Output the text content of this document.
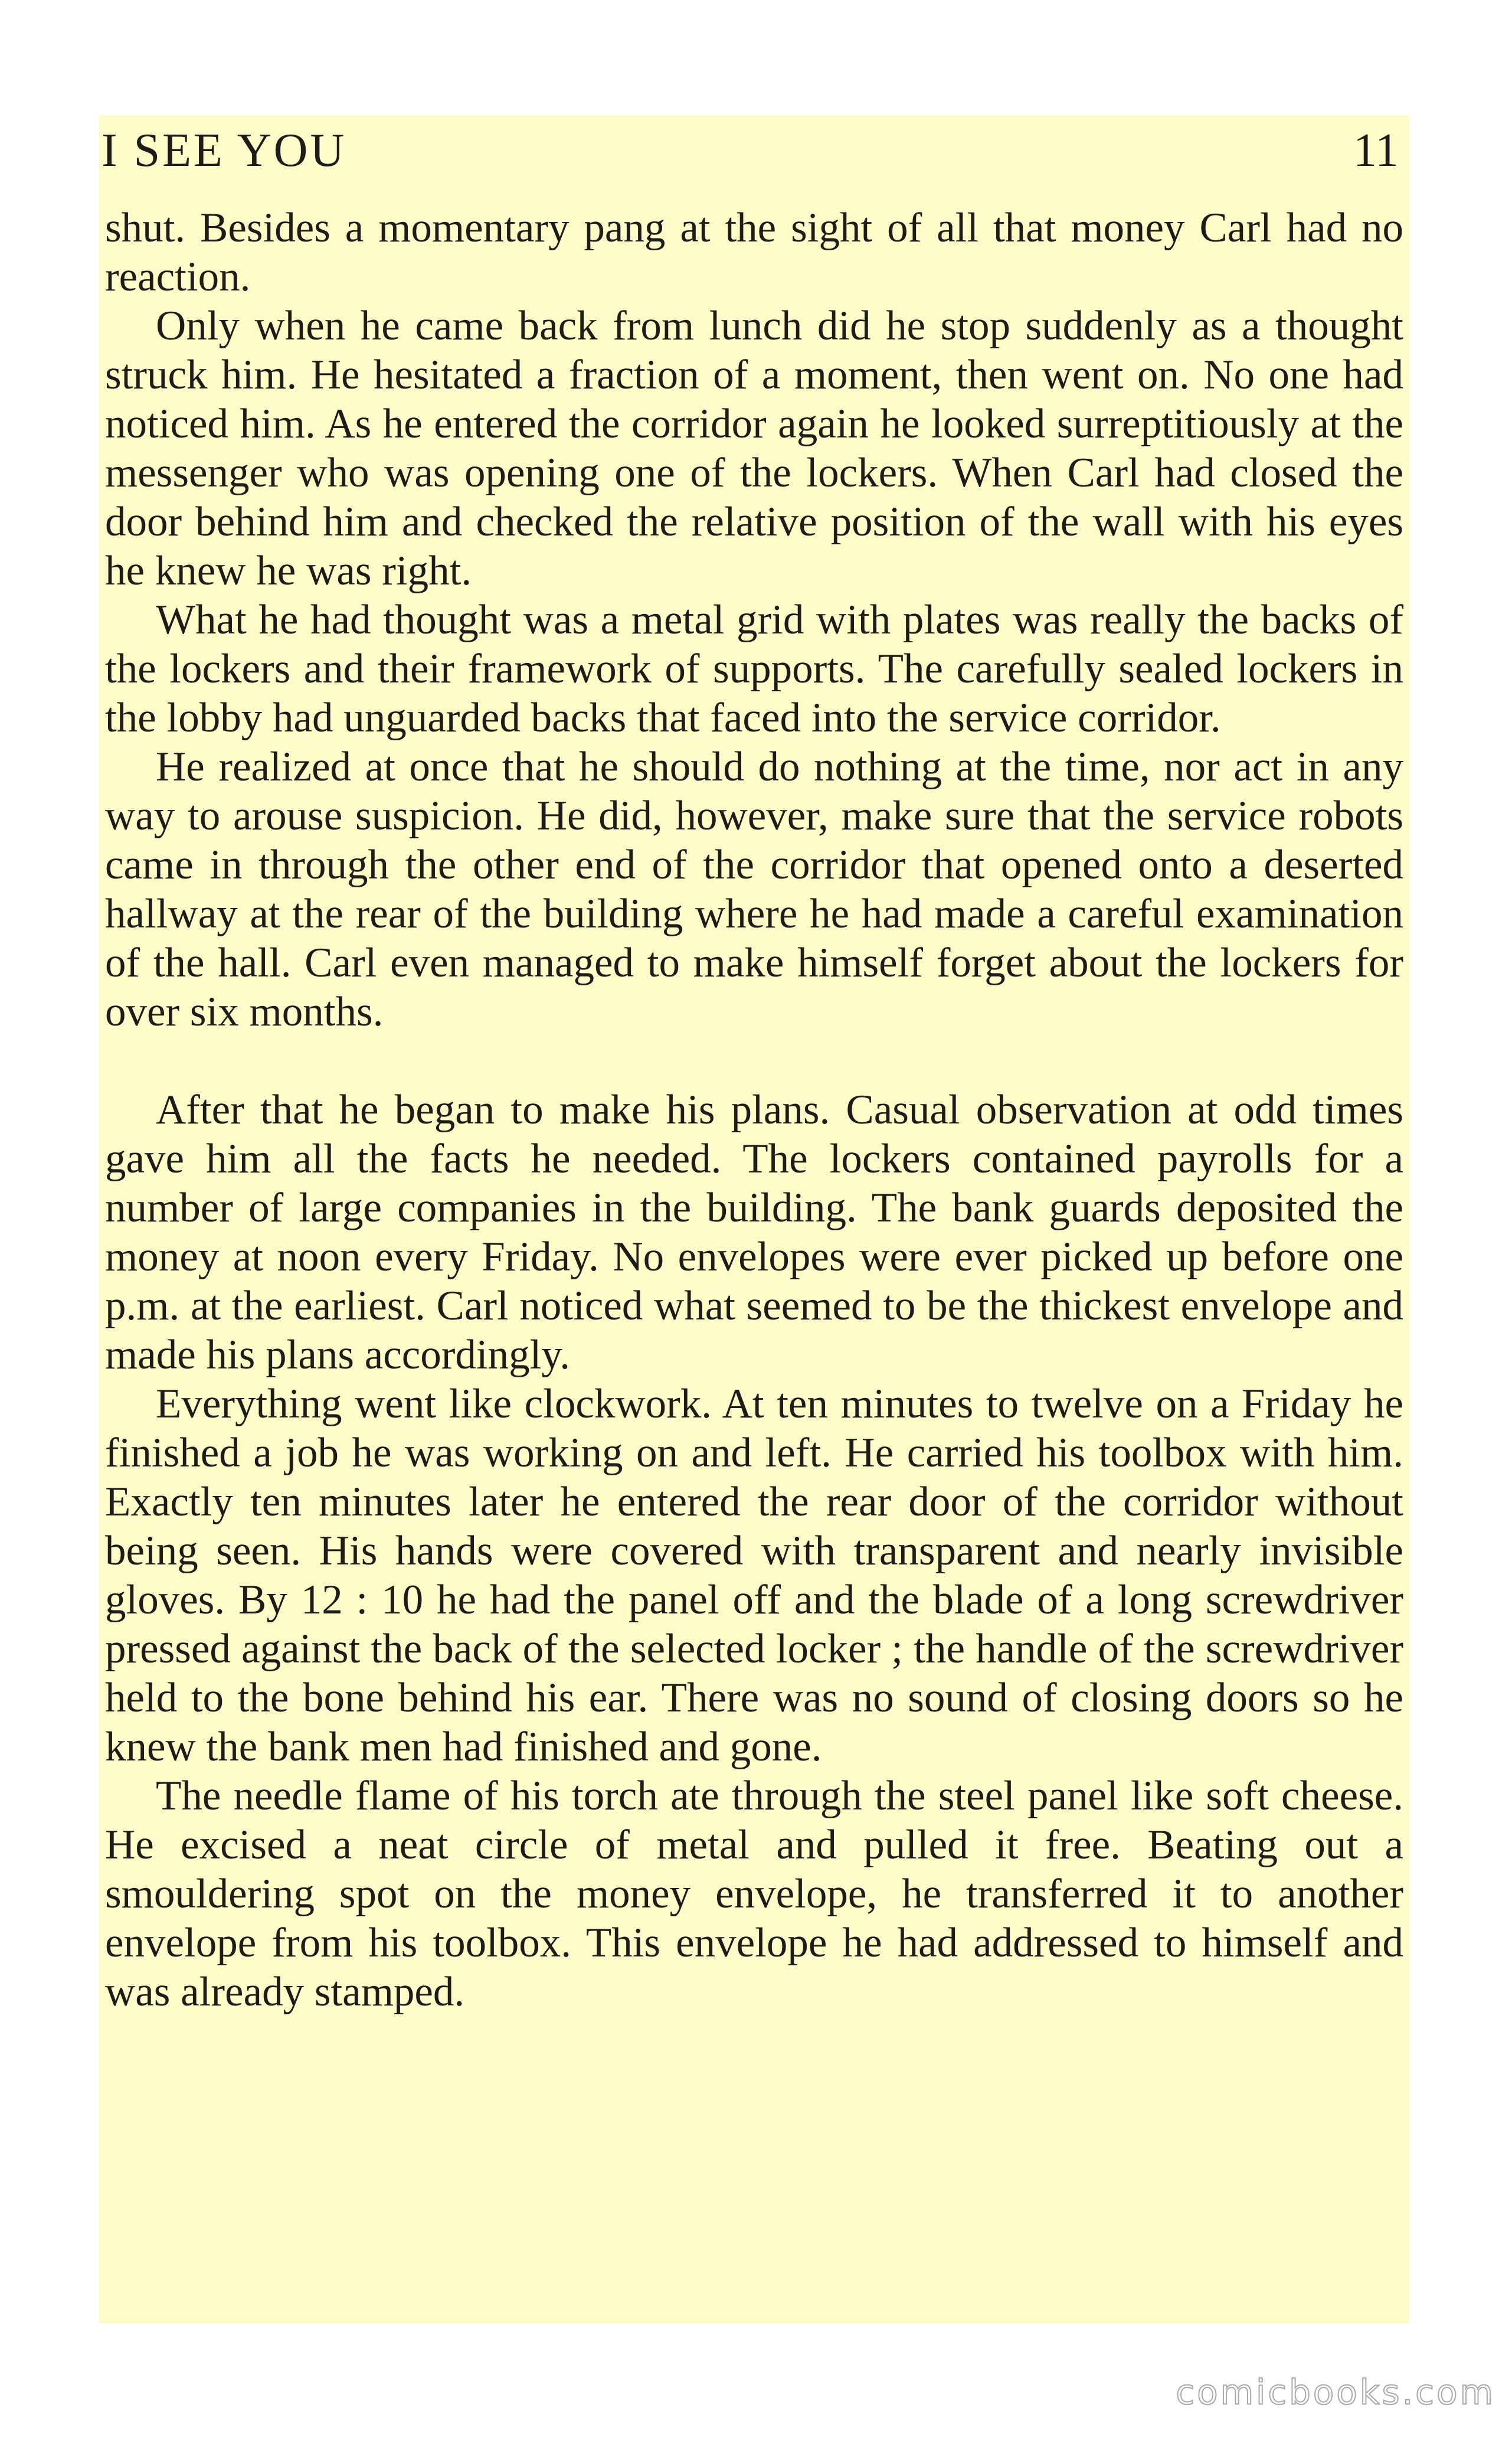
I SEE YOU	11

shut. Besides a momentary pang at the sight of all that money Carl had no reaction.

Only when he came back from lunch did he stop suddenly as a thought struck him. He hesitated a fraction of a moment, then went on. No one had noticed him. As he entered the corridor again he looked surreptitiously at the messenger who was opening one of the lockers. When Carl had closed the door behind him and checked the relative position of the wall with his eyes he knew he was right.

What he had thought was a metal grid with plates was really the backs of the lockers and their framework of supports. The carefully sealed lockers in the lobby had unguarded backs that faced into the service corridor.

He realized at once that he should do nothing at the time, nor act in any way to arouse suspicion. He did, however, make sure that the service robots came in through the other end of the corridor that opened onto a deserted hallway at the rear of the building where he had made a careful examination of the hall. Carl even managed to make himself forget about the lockers for over six months.

After that he began to make his plans. Casual observation at odd times gave him all the facts he needed. The lockers contained payrolls for a number of large companies in the building. The bank guards deposited the money at noon every Friday. No envelopes were ever picked up before one p.m. at the earliest. Carl noticed what seemed to be the thickest envelope and made his plans accordingly.

Everything went like clockwork. At ten minutes to twelve on a Friday he finished a job he was working on and left. He carried his toolbox with him. Exactly ten minutes later he entered the rear door of the corridor without being seen. His hands were covered with transparent and nearly invisible gloves. By 12 : 10 he had the panel off and the blade of a long screwdriver pressed against the back of the selected locker ; the handle of the screwdriver held to the bone behind his ear. There was no sound of closing doors so he knew the bank men had finished and gone.

The needle flame of his torch ate through the steel panel like soft cheese. He excised a neat circle of metal and pulled it free. Beating out a smouldering spot on the money envelope, he transferred it to another envelope from his toolbox. This envelope he had addressed to himself and was already stamped.

comicbooks.com
